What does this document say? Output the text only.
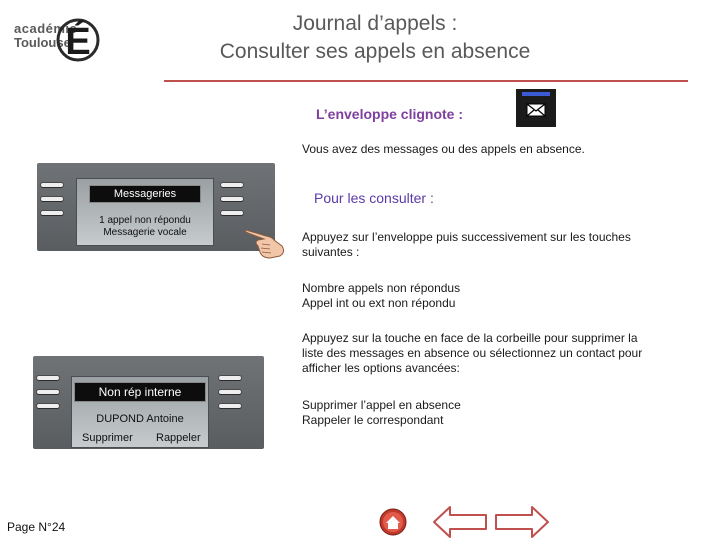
académie
Toulouse
É	Journal d’appels :
Consulter ses appels en absence
L’enveloppe clignote :
Vous avez des messages ou des appels en absence.
Pour les consulter :
Messageries
1 appel non répondu
Messagerie vocale	Appuyez sur l’enveloppe puis successivement sur les touches
suivantes :
Nombre appels non répondus
Appel int ou ext non répondu
Appuyez sur la touche en face de la corbeille pour supprimer la
liste des messages en absence ou sélectionnez un contact pour
afficher les options avancées:
Non rép interne
DUPOND Antoine
Supprimer Rappeler
Supprimer l’appel en absence
Rappeler le correspondant
Page N°24
